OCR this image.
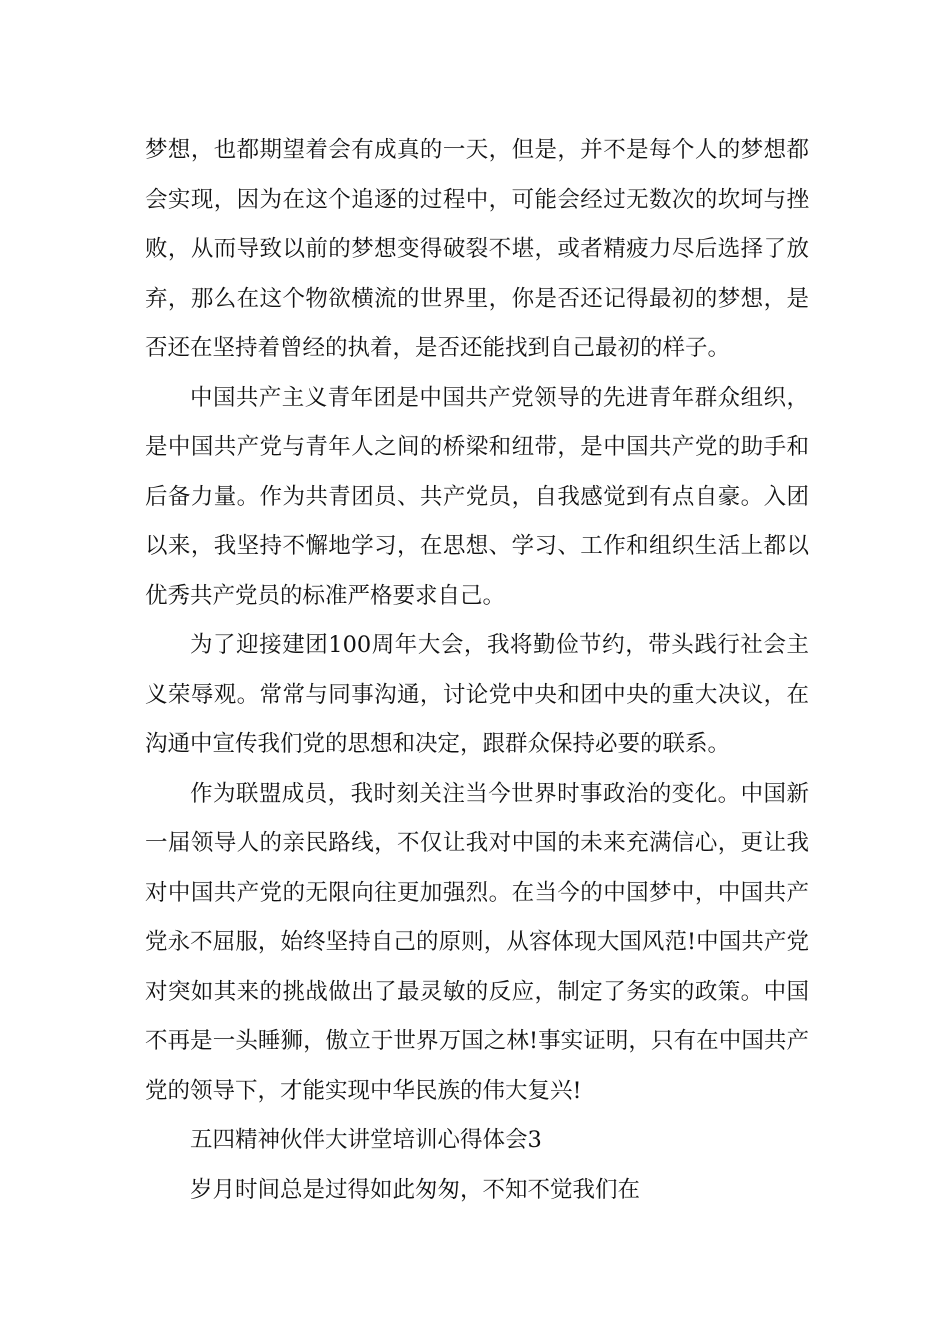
梦想，也都期望着会有成真的一天，但是，并不是每个人的梦想都会实现，因为在这个追逐的过程中，可能会经过无数次的坎坷与挫败，从而导致以前的梦想变得破裂不堪，或者精疲力尽后选择了放弃，那么在这个物欲横流的世界里，你是否还记得最初的梦想，是否还在坚持着曾经的执着，是否还能找到自己最初的样子。

中国共产主义青年团是中国共产党领导的先进青年群众组织，是中国共产党与青年人之间的桥梁和纽带，是中国共产党的助手和后备力量。作为共青团员、共产党员，自我感觉到有点自豪。入团以来，我坚持不懈地学习，在思想、学习、工作和组织生活上都以优秀共产党员的标准严格要求自己。

为了迎接建团100周年大会，我将勤俭节约，带头践行社会主义荣辱观。常常与同事沟通，讨论党中央和团中央的重大决议，在沟通中宣传我们党的思想和决定，跟群众保持必要的联系。

作为联盟成员，我时刻关注当今世界时事政治的变化。中国新一届领导人的亲民路线，不仅让我对中国的未来充满信心，更让我对中国共产党的无限向往更加强烈。在当今的中国梦中，中国共产党永不屈服，始终坚持自己的原则，从容体现大国风范!中国共产党对突如其来的挑战做出了最灵敏的反应，制定了务实的政策。中国不再是一头睡狮，傲立于世界万国之林!事实证明，只有在中国共产党的领导下，才能实现中华民族的伟大复兴!

五四精神伙伴大讲堂培训心得体会3

岁月时间总是过得如此匆匆，不知不觉我们在
